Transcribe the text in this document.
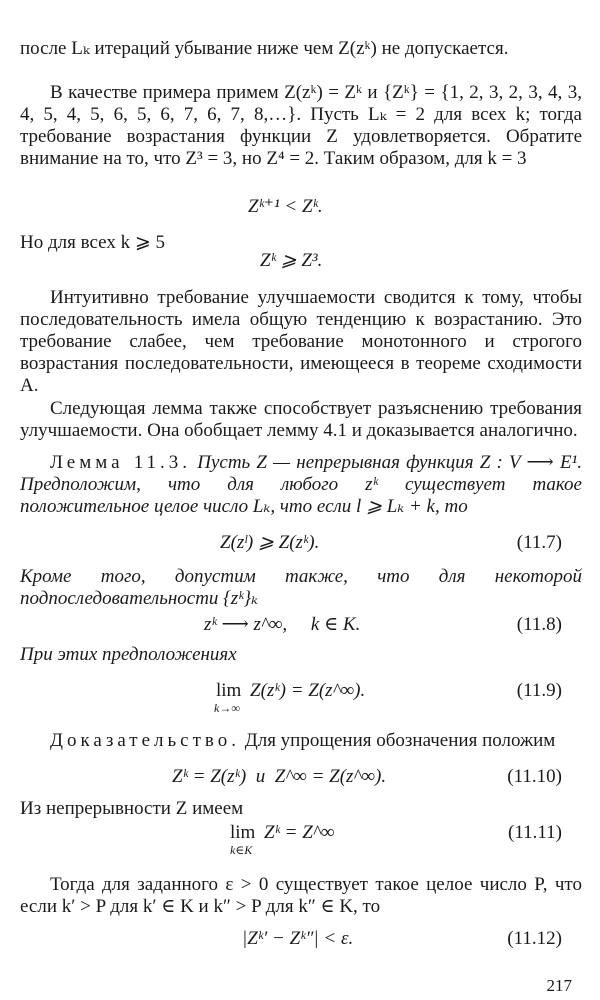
после Lₖ итераций убывание ниже чем Z(zᵏ) не допускается.

В качестве примера примем Z(zᵏ) = Zᵏ и {Zᵏ} = {1, 2, 3, 2, 3, 4, 3, 4, 5, 4, 5, 6, 5, 6, 7, 6, 7, 8,…}. Пусть Lₖ = 2 для всех k; тогда требование возрастания функции Z удовлетворяется. Обратите внимание на то, что Z³ = 3, но Z⁴ = 2. Таким образом, для k = 3

Zᵏ⁺¹ < Zᵏ.

Но для всех k ⩾ 5

Zᵏ ⩾ Z³.

Интуитивно требование улучшаемости сводится к тому, чтобы последовательность имела общую тенденцию к возрастанию. Это требование слабее, чем требование монотонного и строгого возрастания последовательности, имеющееся в теореме сходимости A.

Следующая лемма также способствует разъяснению требования улучшаемости. Она обобщает лемму 4.1 и доказывается аналогично.

Лемма 11.3. Пусть Z — непрерывная функция Z : V ⟶ E¹. Предположим, что для любого zᵏ существует такое положительное целое число Lₖ, что если l ⩾ Lₖ + k, то

Z(zˡ) ⩾ Z(zᵏ).	(11.7)

Кроме того, допустим также, что для некоторой подпоследовательности {zᵏ}ₖ

zᵏ ⟶ z^∞,     k ∈ K.	(11.8)

При этих предположениях

lim
k→∞
Z(zᵏ) = Z(z^∞).	(11.9)

Доказательство. Для упрощения обозначения положим

Zᵏ = Z(zᵏ)  и  Z^∞ = Z(z^∞).	(11.10)

Из непрерывности Z имеем

lim
k∈K
Zᵏ = Z^∞	(11.11)

Тогда для заданного ε > 0 существует такое целое число P, что если k′ > P для k′ ∈ K и k″ > P для k″ ∈ K, то

|Zᵏ′ − Zᵏ″| < ε.	(11.12)
217
